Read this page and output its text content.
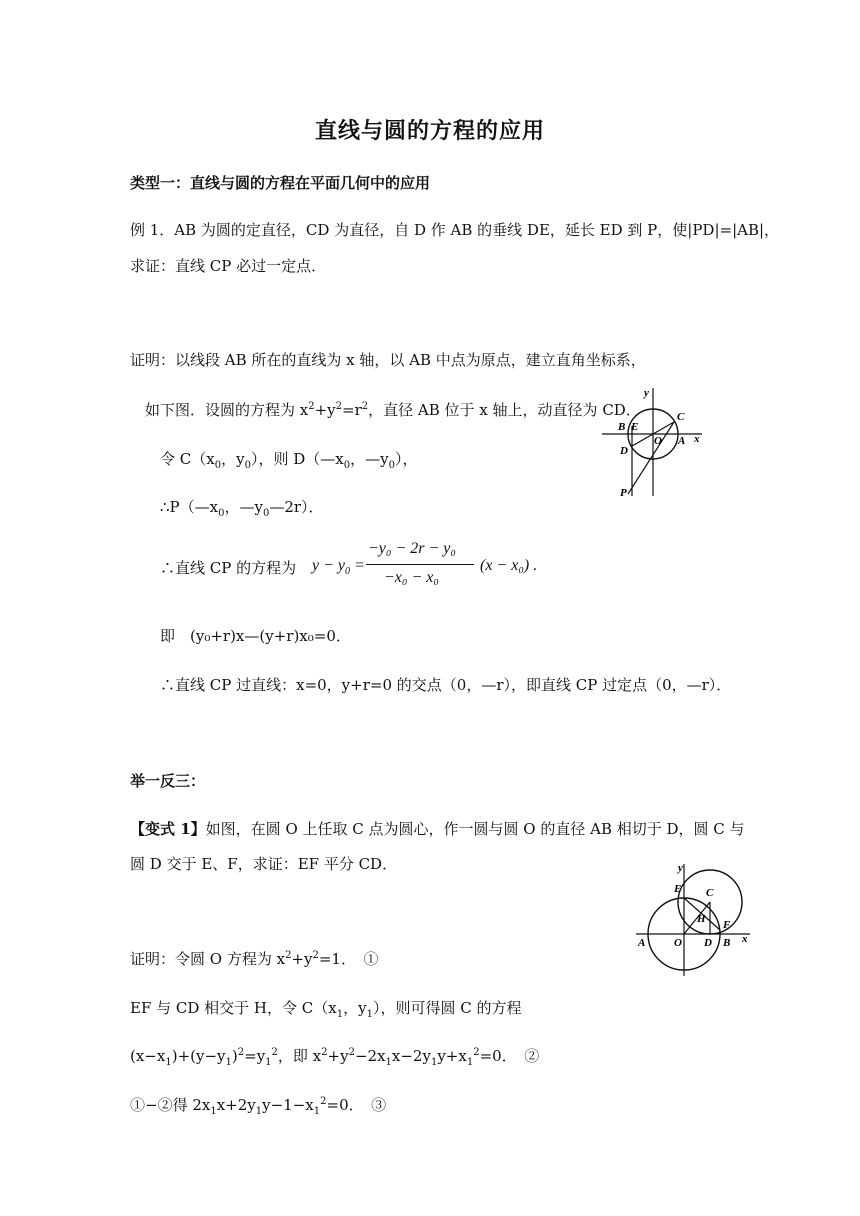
直线与圆的方程的应用
类型一：直线与圆的方程在平面几何中的应用
例 1．AB 为圆的定直径，CD 为直径，自 D 作 AB 的垂线 DE，延长 ED 到 P，使|PD|=|AB|，
求证：直线 CP 必过一定点．
证明：以线段 AB 所在的直线为 x 轴，以 AB 中点为原点，建立直角坐标系，
如下图．设圆的方程为 $x^2+y^2=r^2$，直径 AB 位于 x 轴上，动直径为 CD．
令 $C(x_0$，$y_0$），则 $D(—x_0$，$—y_0$），
$\therefore P(—x_0$，$—y_0—2r$）．
∴直线 CP 的方程为 $y - y_0$ =
−y₀ − 2r − y₀
−x₀ − x₀
(x − x₀) .
即　(y₀+r)x—(y+r)x₀=0．
∴直线 CP 过直线：x=0，y+r=0 的交点（0，—r），即直线 CP 过定点（0，—r）．
举一反三：
【变式 1】如图，在圆 O 上任取 C 点为圆心，作一圆与圆 O 的直径 AB 相切于 D，圆 C 与
圆 D 交于 E、F，求证：EF 平分 CD．
证明：令圆 O 方程为 $x^2+y^2=1$．　①
EF 与 CD 相交于 H，令 $C(x_1$，$y_1$），则可得圆 C 的方程
$(x-x_1)+(y-y_1)^2=y_1^2$，即 $x^2+y^2-2x_1x-2y_1y+x_1^2=0$．　②
①−②得 $2x_1x+2y_1y-1-x_1^2=0$．　③
y
B E
C
O A x
D
P
y
E C
H F
A	O D B x
